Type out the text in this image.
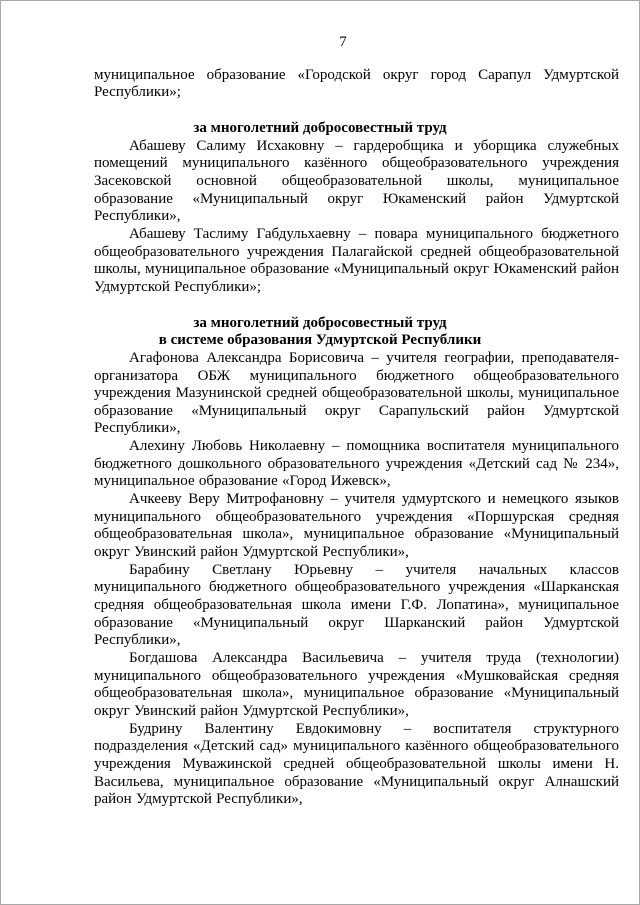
7

муниципальное образование «Городской округ город Сарапул Удмуртской Республики»;

за многолетний добросовестный труд

Абашеву Салиму Исхаковну – гардеробщика и уборщика служебных помещений муниципального казённого общеобразовательного учреждения Засековской основной общеобразовательной школы, муниципальное образование «Муниципальный округ Юкаменский район Удмуртской Республики»,

Абашеву Таслиму Габдульхаевну – повара муниципального бюджетного общеобразовательного учреждения Палагайской средней общеобразовательной школы, муниципальное образование «Муниципальный округ Юкаменский район Удмуртской Республики»;

за многолетний добросовестный труд
в системе образования Удмуртской Республики

Агафонова Александра Борисовича – учителя географии, преподавателя-организатора ОБЖ муниципального бюджетного общеобразовательного учреждения Мазунинской средней общеобразовательной школы, муниципальное образование «Муниципальный округ Сарапульский район Удмуртской Республики»,

Алехину Любовь Николаевну – помощника воспитателя муниципального бюджетного дошкольного образовательного учреждения «Детский сад № 234», муниципальное образование «Город Ижевск»,

Ачкееву Веру Митрофановну – учителя удмуртского и немецкого языков муниципального общеобразовательного учреждения «Поршурская средняя общеобразовательная школа», муниципальное образование «Муниципальный округ Увинский район Удмуртской Республики»,

Барабину Светлану Юрьевну – учителя начальных классов муниципального бюджетного общеобразовательного учреждения «Шарканская средняя общеобразовательная школа имени Г.Ф. Лопатина», муниципальное образование «Муниципальный округ Шарканский район Удмуртской Республики»,

Богдашова Александра Васильевича – учителя труда (технологии) муниципального общеобразовательного учреждения «Мушковайская средняя общеобразовательная школа», муниципальное образование «Муниципальный округ Увинский район Удмуртской Республики»,

Будрину Валентину Евдокимовну – воспитателя структурного подразделения «Детский сад» муниципального казённого общеобразовательного учреждения Муважинской средней общеобразовательной школы имени Н. Васильева, муниципальное образование «Муниципальный округ Алнашский район Удмуртской Республики»,
